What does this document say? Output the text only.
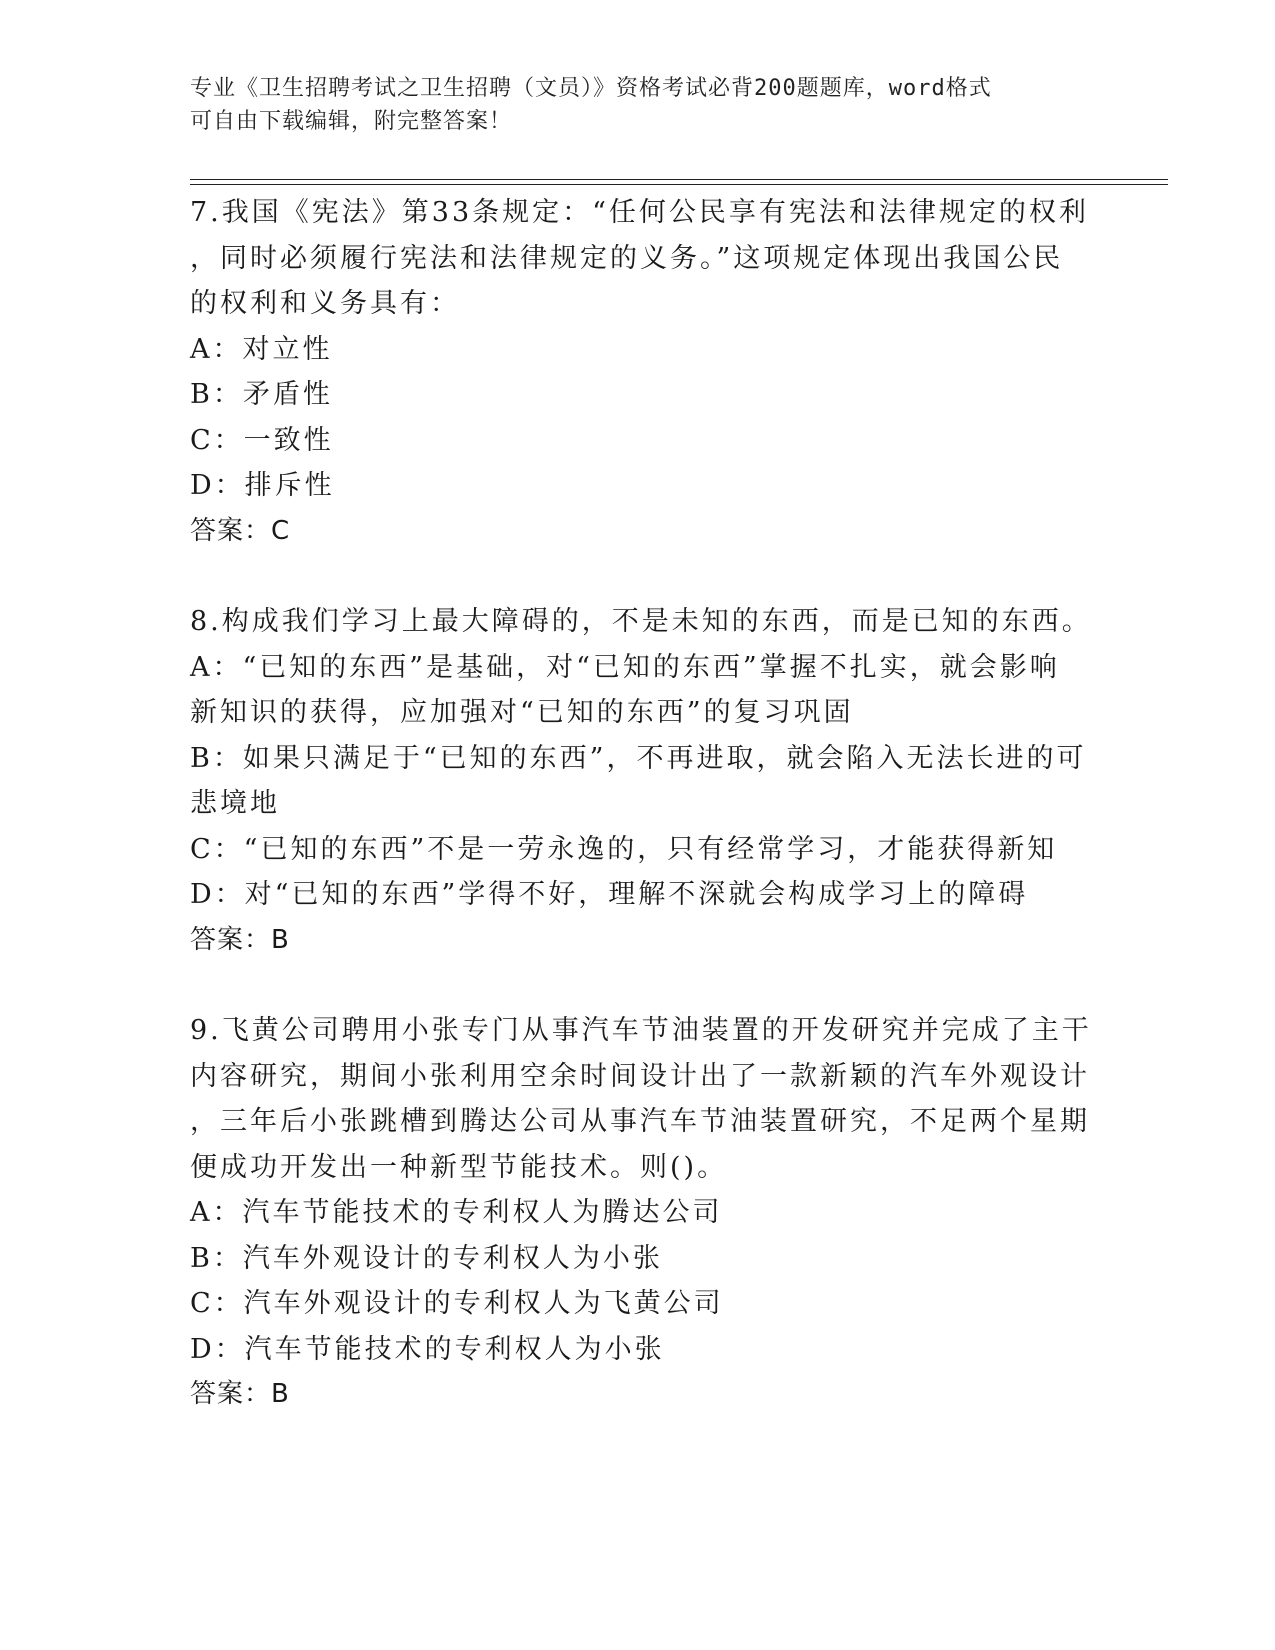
专业《卫生招聘考试之卫生招聘（文员）》资格考试必背200题题库，word格式

可自由下载编辑，附完整答案！

7.我国《宪法》第33条规定：“任何公民享有宪法和法律规定的权利

，同时必须履行宪法和法律规定的义务。”这项规定体现出我国公民

的权利和义务具有：

A：对立性

B：矛盾性

C：一致性

D：排斥性

答案：C

8.构成我们学习上最大障碍的，不是未知的东西，而是已知的东西。

A：“已知的东西”是基础，对“已知的东西”掌握不扎实，就会影响

新知识的获得，应加强对“已知的东西”的复习巩固

B：如果只满足于“已知的东西”，不再进取，就会陷入无法长进的可

悲境地

C：“已知的东西”不是一劳永逸的，只有经常学习，才能获得新知

D：对“已知的东西”学得不好，理解不深就会构成学习上的障碍

答案：B

9.飞黄公司聘用小张专门从事汽车节油装置的开发研究并完成了主干

内容研究，期间小张利用空余时间设计出了一款新颖的汽车外观设计

，三年后小张跳槽到腾达公司从事汽车节油装置研究，不足两个星期

便成功开发出一种新型节能技术。则()。

A：汽车节能技术的专利权人为腾达公司

B：汽车外观设计的专利权人为小张

C：汽车外观设计的专利权人为飞黄公司

D：汽车节能技术的专利权人为小张

答案：B
